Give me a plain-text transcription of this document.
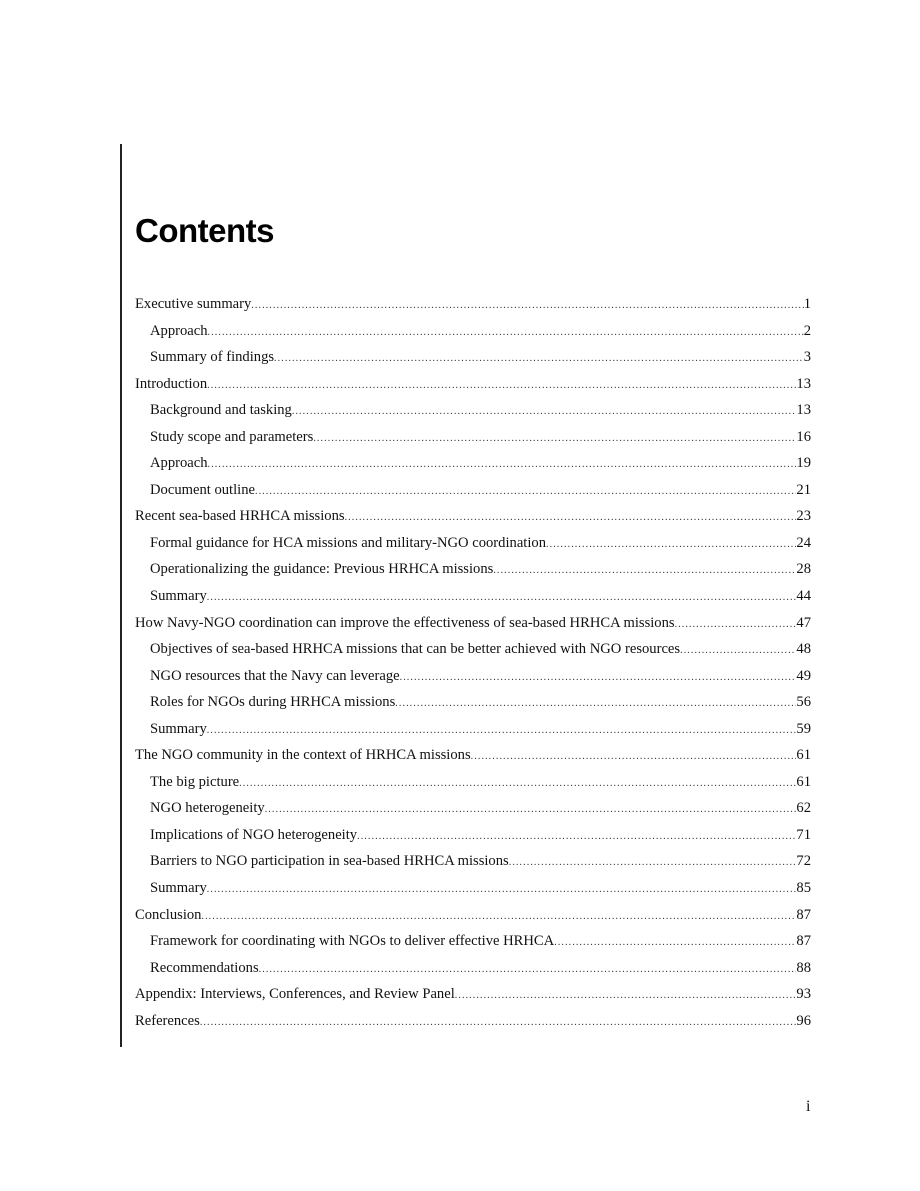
Contents
Executive summary .....	1
Approach .....	2
Summary of findings .....	3
Introduction .....	13
Background and tasking .....	13
Study scope and parameters .....	16
Approach .....	19
Document outline .....	21
Recent sea-based HRHCA missions .....	23
Formal guidance for HCA missions and military-NGO coordination .....	24
Operationalizing the guidance: Previous HRHCA missions .....	28
Summary .....	44
How Navy-NGO coordination can improve the effectiveness of sea-based HRHCA missions .....	47
Objectives of sea-based HRHCA missions that can be better achieved with NGO resources .....	48
NGO resources that the Navy can leverage .....	49
Roles for NGOs during HRHCA missions .....	56
Summary .....	59
The NGO community in the context of HRHCA missions .....	61
The big picture .....	61
NGO heterogeneity .....	62
Implications of NGO heterogeneity .....	71
Barriers to NGO participation in sea-based HRHCA missions .....	72
Summary .....	85
Conclusion .....	87
Framework for coordinating with NGOs to deliver effective HRHCA .....	87
Recommendations .....	88
Appendix: Interviews, Conferences, and Review Panel .....	93
References .....	96
i
